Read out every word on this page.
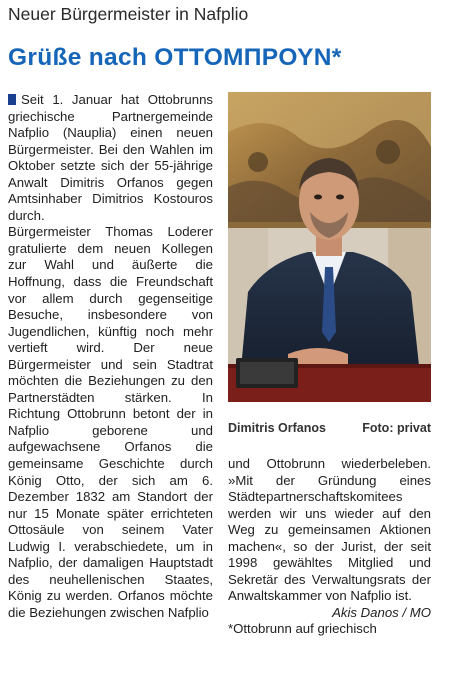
Neuer Bürgermeister in Nafplio
Grüße nach ΟΤΤΟΜΠΡΟΥΝ*

Seit 1. Januar hat Ottobrunns griechische Partnergemeinde Nafplio (Nauplia) einen neuen Bürgermeister. Bei den Wahlen im Oktober setzte sich der 55-jährige Anwalt Dimitris Orfanos gegen Amtsinhaber Dimitrios Kostouros durch.

Bürgermeister Thomas Loderer gratulierte dem neuen Kollegen zur Wahl und äußerte die Hoffnung, dass die Freundschaft vor allem durch gegenseitige Besuche, insbesondere von Jugendlichen, künftig noch mehr vertieft wird. Der neue Bürgermeister und sein Stadtrat möchten die Beziehungen zu den Partnerstädten stärken. In Richtung Ottobrunn betont der in Nafplio geborene und aufgewachsene Orfanos die gemeinsame Geschichte durch König Otto, der sich am 6. Dezember 1832 am Standort der nur 15 Monate später errichteten Ottosäule von seinem Vater Ludwig I. verabschiedete, um in Nafplio, der damaligen Hauptstadt des neuhellenischen Staates, König zu werden. Orfanos möchte die Beziehungen zwischen Nafplio

Dimitris Orfanos	Foto: privat

und Ottobrunn wiederbeleben. »Mit der Gründung eines Städtepartnerschaftskomitees werden wir uns wieder auf den Weg zu gemeinsamen Aktionen machen«, so der Jurist, der seit 1998 gewähltes Mitglied und Sekretär des Verwaltungsrats der Anwaltskammer von Nafplio ist.

Akis Danos / MO

*Ottobrunn auf griechisch
